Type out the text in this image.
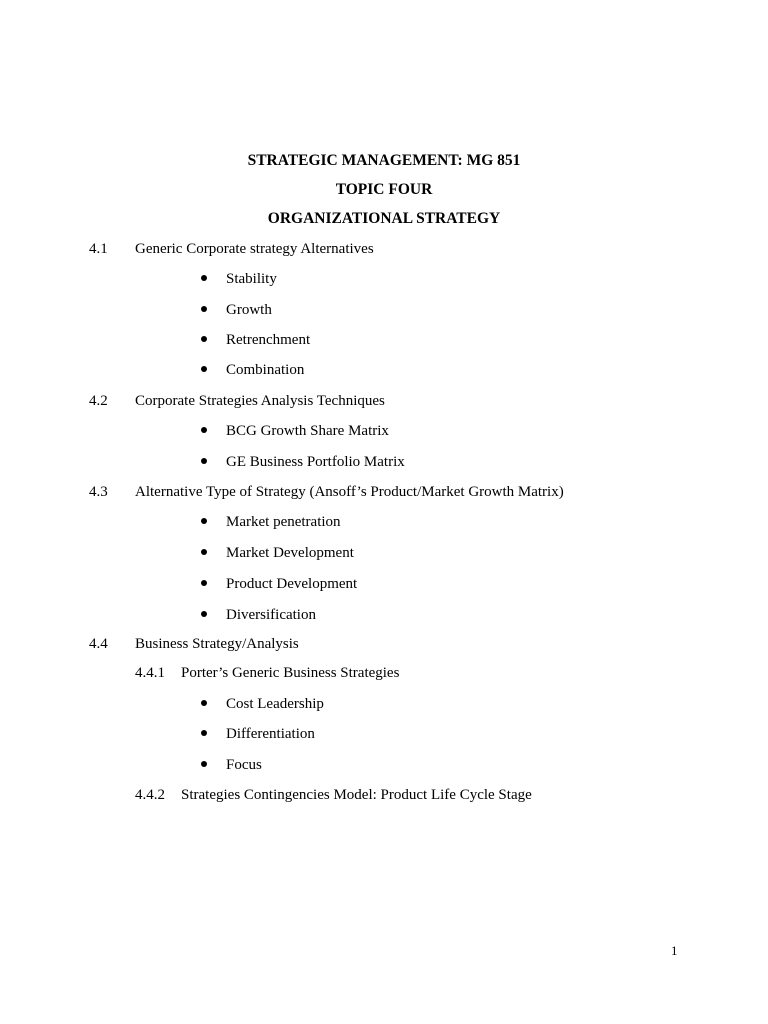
STRATEGIC MANAGEMENT: MG 851
TOPIC FOUR
ORGANIZATIONAL STRATEGY
4.1 Generic Corporate strategy Alternatives
Stability
Growth
Retrenchment
Combination
4.2 Corporate Strategies Analysis Techniques
BCG Growth Share Matrix
GE Business Portfolio Matrix
4.3 Alternative Type of Strategy (Ansoff’s Product/Market Growth Matrix)
Market penetration
Market Development
Product Development
Diversification
4.4 Business Strategy/Analysis
4.4.1 Porter’s Generic Business Strategies
Cost Leadership
Differentiation
Focus
4.4.2 Strategies Contingencies Model: Product Life Cycle Stage
1
